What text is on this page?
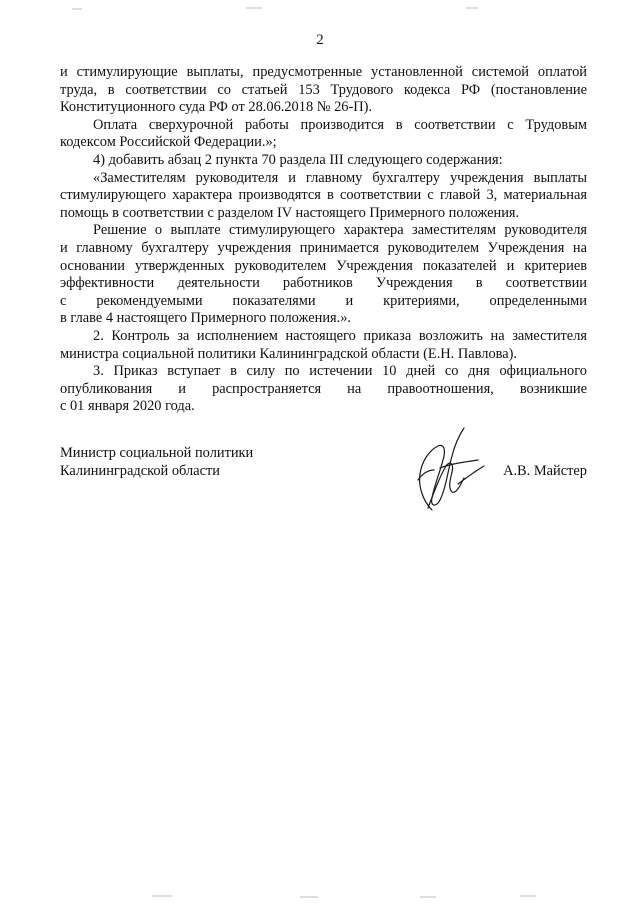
2
и стимулирующие выплаты, предусмотренные установленной системой оплатой
труда, в соответствии со статьей 153 Трудового кодекса РФ (постановление
Конституционного суда РФ от 28.06.2018 № 26-П).
Оплата сверхурочной работы производится в соответствии с Трудовым
кодексом Российской Федерации.»;
4) добавить абзац 2 пункта 70 раздела III следующего содержания:
«Заместителям руководителя и главному бухгалтеру учреждения выплаты
стимулирующего характера производятся в соответствии с главой 3, материальная
помощь в соответствии с разделом IV настоящего Примерного положения.
Решение о выплате стимулирующего характера заместителям руководителя
и главному бухгалтеру учреждения принимается руководителем Учреждения на
основании утвержденных руководителем Учреждения показателей и критериев
эффективности деятельности работников Учреждения в соответствии
с рекомендуемыми показателями и критериями, определенными
в главе 4 настоящего Примерного положения.».
2. Контроль за исполнением настоящего приказа возложить на заместителя
министра социальной политики Калининградской области (Е.Н. Павлова).
3. Приказ вступает в силу по истечении 10 дней со дня официального
опубликования и распространяется на правоотношения, возникшие
с 01 января 2020 года.
Министр социальной политики
Калининградской области	А.В. Майстер
